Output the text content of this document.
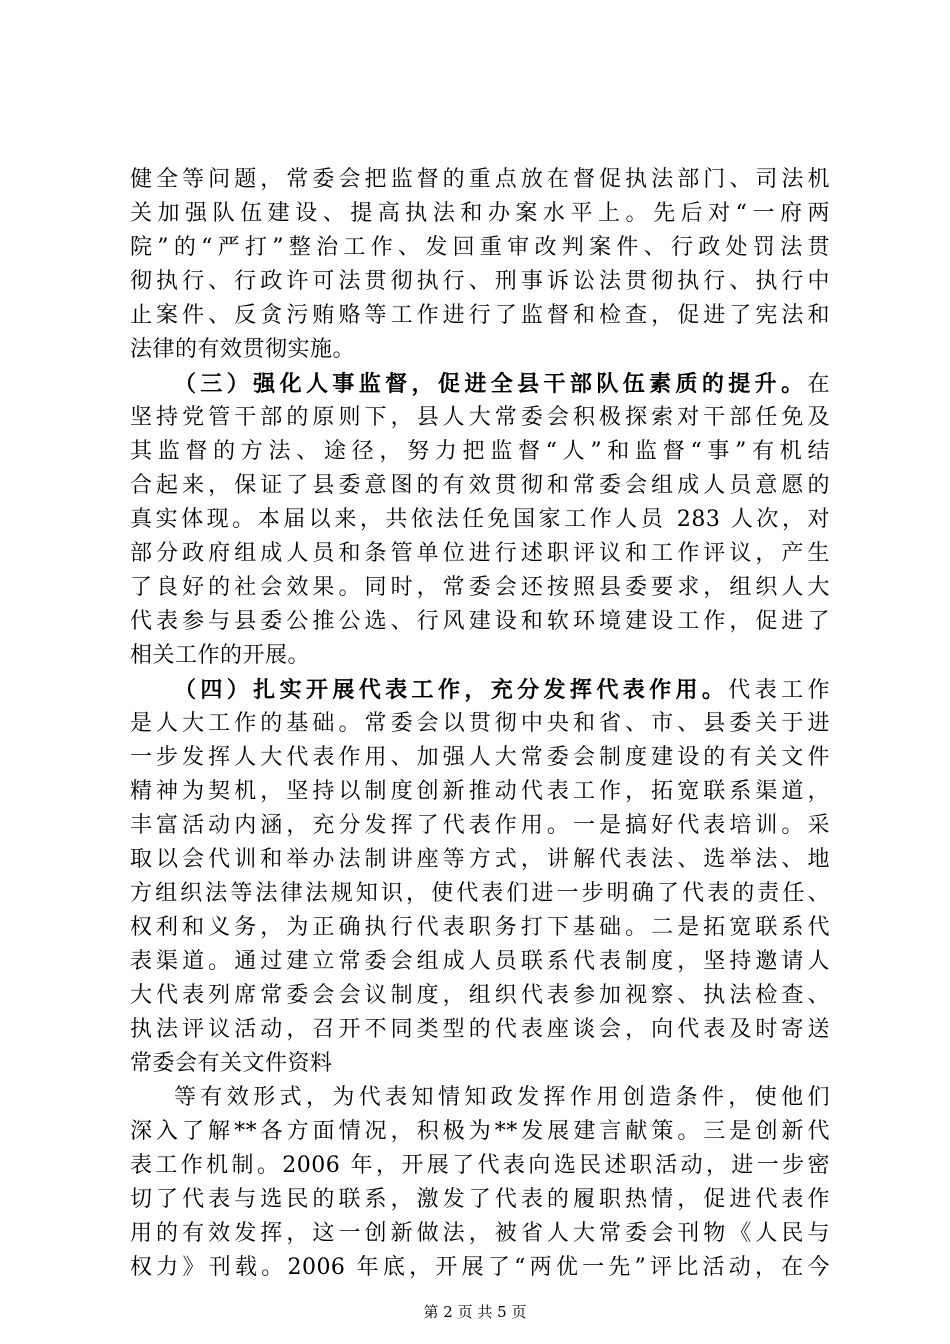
健全等问题，常委会把监督的重点放在督促执法部门、司法机
关加强队伍建设、提高执法和办案水平上。先后对“一府两
院”的“严打”整治工作、发回重审改判案件、行政处罚法贯
彻执行、行政许可法贯彻执行、刑事诉讼法贯彻执行、执行中
止案件、反贪污贿赂等工作进行了监督和检查，促进了宪法和
法律的有效贯彻实施。
（三）强化人事监督，促进全县干部队伍素质的提升。在
坚持党管干部的原则下，县人大常委会积极探索对干部任免及
其监督的方法、途径，努力把监督“人”和监督“事”有机结
合起来，保证了县委意图的有效贯彻和常委会组成人员意愿的
真实体现。本届以来，共依法任免国家工作人员 283 人次，对
部分政府组成人员和条管单位进行述职评议和工作评议，产生
了良好的社会效果。同时，常委会还按照县委要求，组织人大
代表参与县委公推公选、行风建设和软环境建设工作，促进了
相关工作的开展。
（四）扎实开展代表工作，充分发挥代表作用。代表工作
是人大工作的基础。常委会以贯彻中央和省、市、县委关于进
一步发挥人大代表作用、加强人大常委会制度建设的有关文件
精神为契机，坚持以制度创新推动代表工作，拓宽联系渠道，
丰富活动内涵，充分发挥了代表作用。一是搞好代表培训。采
取以会代训和举办法制讲座等方式，讲解代表法、选举法、地
方组织法等法律法规知识，使代表们进一步明确了代表的责任、
权利和义务，为正确执行代表职务打下基础。二是拓宽联系代
表渠道。通过建立常委会组成人员联系代表制度，坚持邀请人
大代表列席常委会会议制度，组织代表参加视察、执法检查、
执法评议活动，召开不同类型的代表座谈会，向代表及时寄送
常委会有关文件资料
等有效形式，为代表知情知政发挥作用创造条件，使他们
深入了解**各方面情况，积极为**发展建言献策。三是创新代
表工作机制。2006 年，开展了代表向选民述职活动，进一步密
切了代表与选民的联系，激发了代表的履职热情，促进代表作
用的有效发挥，这一创新做法，被省人大常委会刊物《人民与
权力》刊载。2006 年底，开展了“两优一先”评比活动，在今
第 2 页 共 5 页
